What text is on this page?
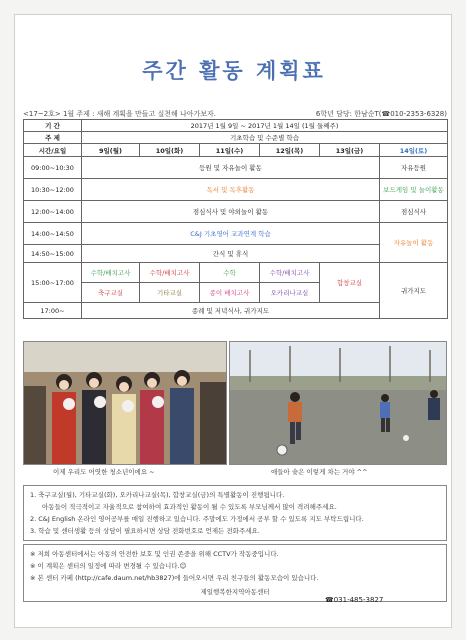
주간 활동 계획표
<17~2호> 1월 주제 : 새해 계획을 만들고 실천해 나아가보자.	6학년 담당: 한남순T(☎010-2353-6328)
기 간	2017년 1월 9일 ~ 2017년 1월 14일 (1월 둘째주)					
주 제	기초학습 및 수준별 학습					
시간/요일	9일(월)	10일(화)	11일(수)	12일(목)	13일(금)	14일(토)
09:00~10:30	등원 및 자유놀이 활동					자유등원
10:30~12:00	독서 및 독후활동					보드게임 및 놀이활동
12:00~14:00	점심식사 및 야외놀이 활동					점심식사
14:00~14:50	C&J 기초영어 교과연계 학습					자유놀이 활동
14:50~15:00	간식 및 휴식					
15:00~17:00	수학/배치고사	수학/배치고사	수학	수학/배치고사	합창교실	귀가지도
	축구교실	기타교실	종이 배치고사	오카리나교실		
17:00~	종례 및 저녁식사, 귀가지도					
이제 우리도 어엿한 청소년이에요 ~	애들아 슛은 이렇게 차는 거야 ^^
1. 축구교실(월), 기타교실(화), 오카리나교실(목), 합창교실(금)의 특별활동이 진행됩니다.
아동들이 적극적이고 자율적으로 참여하여 효과적인 활동이 될 수 있도록 부모님께서 많이 격려해주세요.
2. C&J English 온라인 영어공부를 매일 진행하고 있습니다. 주말에도 가정에서 공부 할 수 있도록 지도 부탁드립니다.
3. 학습 및 센터생활 등의 상담이 필요하시면 상담 전화번호로 언제든 전화주세요.
※ 저희 아동센터에서는 아동의 안전한 보호 및 인권 존중을 위해 CCTV가 작동중입니다.
※ 이 계획은 센터의 일정에 따라 변경될 수 있습니다.☺
※ 본 센터 카페 (http://cafe.daum.net/hb3827)에 들어오시면 우리 친구들의 활동모습이 있습니다.
제일행복한지역아동센터
☎031-485-3827
